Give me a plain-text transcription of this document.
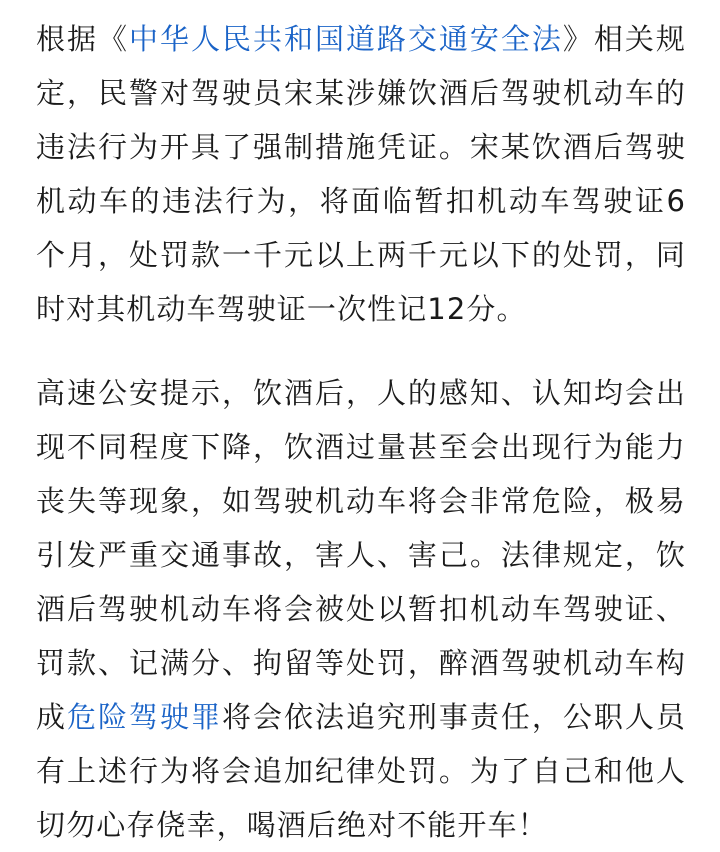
根据《中华人民共和国道路交通安全法》相关规定，民警对驾驶员宋某涉嫌饮酒后驾驶机动车的违法行为开具了强制措施凭证。宋某饮酒后驾驶机动车的违法行为，将面临暂扣机动车驾驶证6个月，处罚款一千元以上两千元以下的处罚，同时对其机动车驾驶证一次性记12分。

高速公安提示，饮酒后，人的感知、认知均会出现不同程度下降，饮酒过量甚至会出现行为能力丧失等现象，如驾驶机动车将会非常危险，极易引发严重交通事故，害人、害己。法律规定，饮酒后驾驶机动车将会被处以暂扣机动车驾驶证、罚款、记满分、拘留等处罚，醉酒驾驶机动车构成危险驾驶罪将会依法追究刑事责任，公职人员有上述行为将会追加纪律处罚。为了自己和他人切勿心存侥幸，喝酒后绝对不能开车！
